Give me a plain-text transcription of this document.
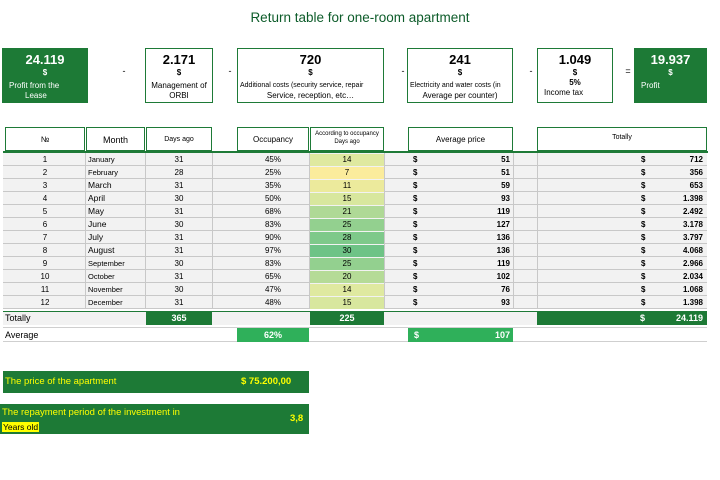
Return table for one-room apartment
24.119
$
Profit from the
Lease
2.171
$
Management of
ORBI
720
$
Additional costs (security service, repair
Service, reception, etc…
241
$
Electricity and water costs (in
Average per counter)
1.049
$
5%
Income tax
19.937
$
Profit
-	-	-	-	=
№	Month	Days ago	Occupancy
According to occupancy
Days ago	Average price	Totally
1	January	31	45%	14	51	712
$	$
2	February	28	25%	7	51	356
$	$
3	March	31	35%	11	59	653
$	$
4	April	30	50%	15	93	1.398
$	$
5	May	31	68%	21	119	2.492
$	$
6	June	30	83%	25	127	3.178
$	$
7	July	31	90%	28	136	3.797
$	$
8	August	31	97%	30	136	4.068
$	$
9	September	30	83%	25	119	2.966
$	$
10	October	31	65%	20	102	2.034
$	$
11	November	30	47%	14	76	1.068
$	$
12	December	31	48%	15	93	1.398
$	$
Totally	365	225	$	24.119
Average	62%	$	107
The price of the apartment	$ 75.200,00
The repayment period of the investment in
Years old
3,8
